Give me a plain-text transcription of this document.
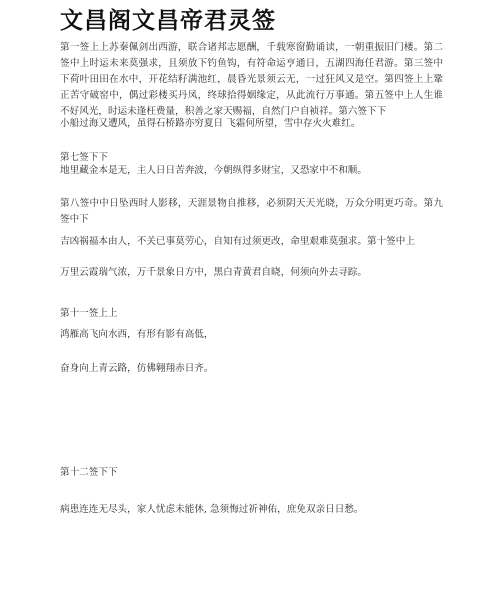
文昌阁文昌帝君灵签
第一签上上苏秦佩剑出西游，联合诸邦志愿酬，千载寒窗勤诵读，一朝重振旧门楼。第二签中上时运未来莫强求，且须放下钓鱼钩，有符命运亨通日，五湖四海任君游。第三签中下荷叶田田在水中，开花结籽满池红，晨昏光景须云无，一过狂风又是空。第四签上上鞏正苦守破窑中，偶过彩楼买丹凤，终球拾得姻缘定，从此流行万事通。第五签中上人生谁不好风光，时运未逢枉费量，积善之家天赐福，自然门户自祯祥。第六签下下
小船过海又遭风，虽得石桥路亦穷夏日 飞霜何所望，雪中存火火难红。
第七签下下
地里藏金本是无，主人日日苦奔波，今朝纵得多财宝，又恐家中不和顺。
第八签中中日坠西时人影移，天涯景物自推移，必须阴天天光晓，万众分明更巧奇。第九签中下
吉凶祸福本由人，不关已事莫劳心，自知有过须更改，命里艰难莫强求。第十签中上
万里云霞瑞气浓，万千景象日方中，黑白青黄君自晓，何须向外去寻踪。
第十一签上上
鸿雁高飞向水西，有形有影有高低，
奋身向上青云路，仿佛翱翔赤日齐。
第十二签下下
病患连连无尽头，家人忧虑未能休, 急须悔过祈神佑，庶免双亲日日愁。
